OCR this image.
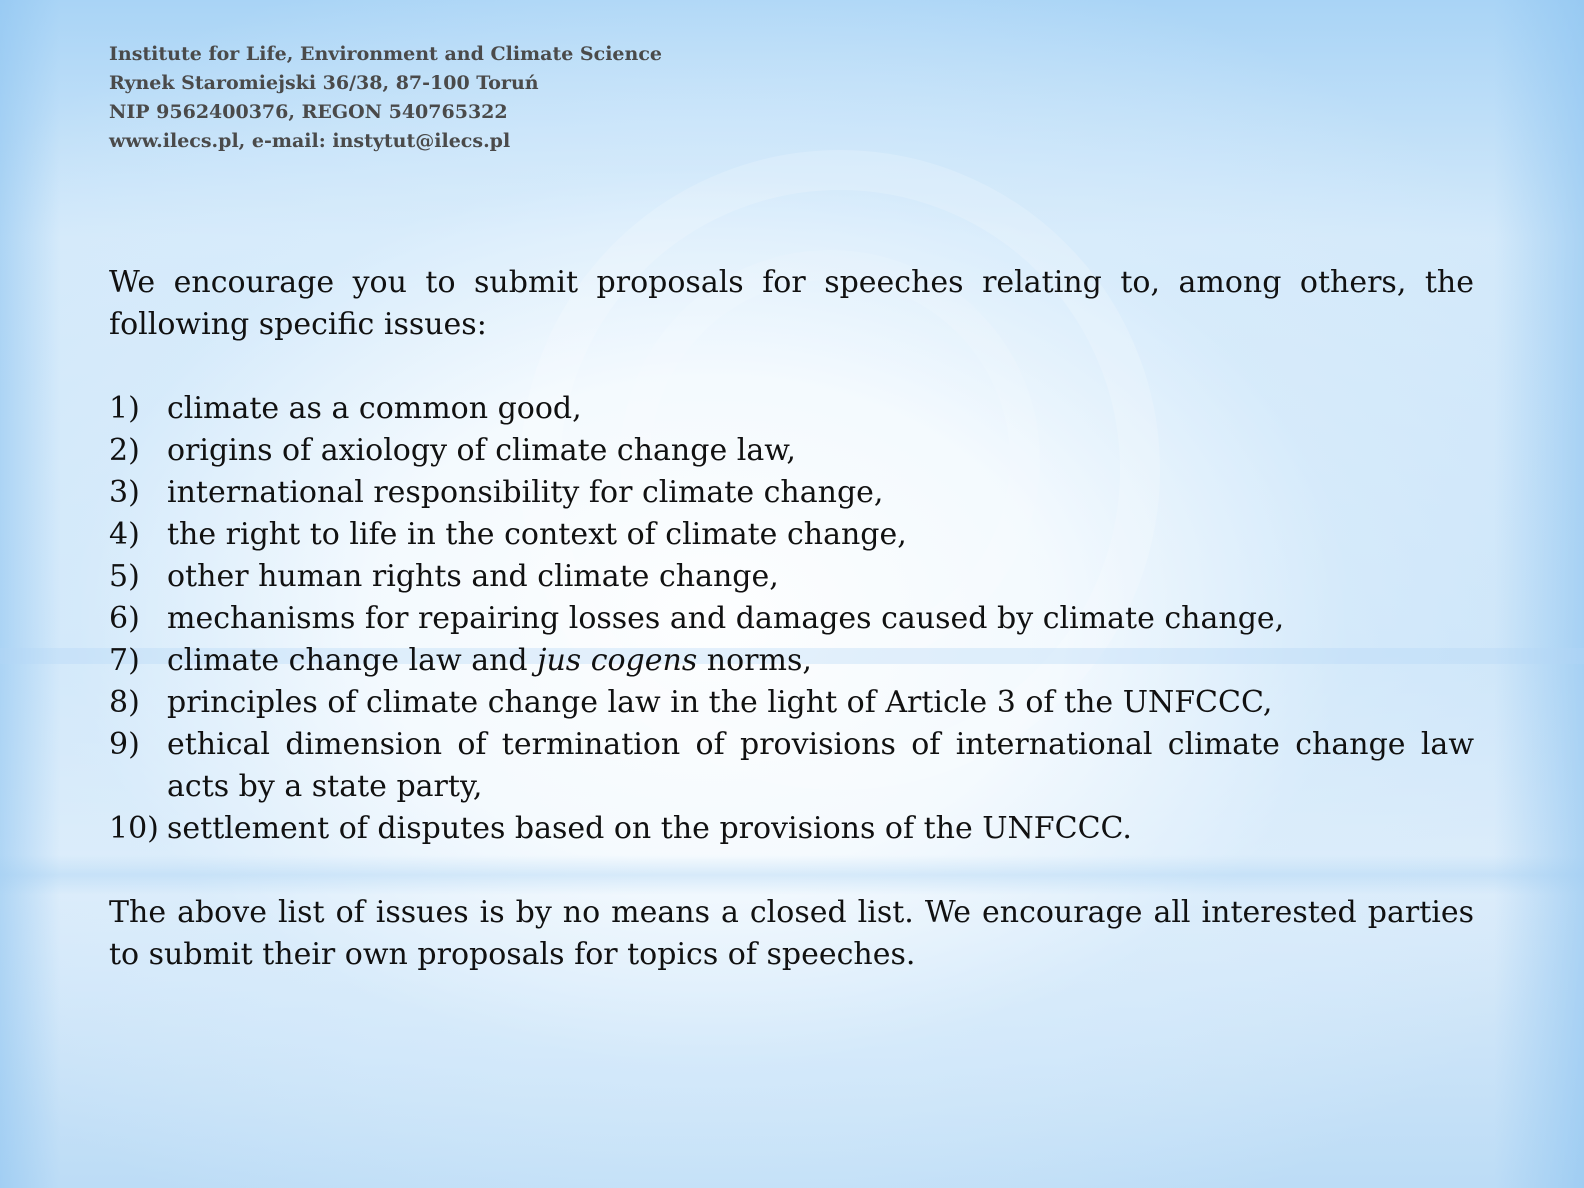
Institute for Life, Environment and Climate Science
Rynek Staromiejski 36/38, 87-100 Toruń
NIP 9562400376, REGON 540765322
www.ilecs.pl, e-mail: instytut@ilecs.pl

We encourage you to submit proposals for speeches relating to, among others, the following specific issues:

1) climate as a common good,
2) origins of axiology of climate change law,
3) international responsibility for climate change,
4) the right to life in the context of climate change,
5) other human rights and climate change,
6) mechanisms for repairing losses and damages caused by climate change,
7) climate change law and jus cogens norms,
8) principles of climate change law in the light of Article 3 of the UNFCCC,
9) ethical dimension of termination of provisions of international climate change law acts by a state party,
10) settlement of disputes based on the provisions of the UNFCCC.

The above list of issues is by no means a closed list. We encourage all interested parties to submit their own proposals for topics of speeches.
